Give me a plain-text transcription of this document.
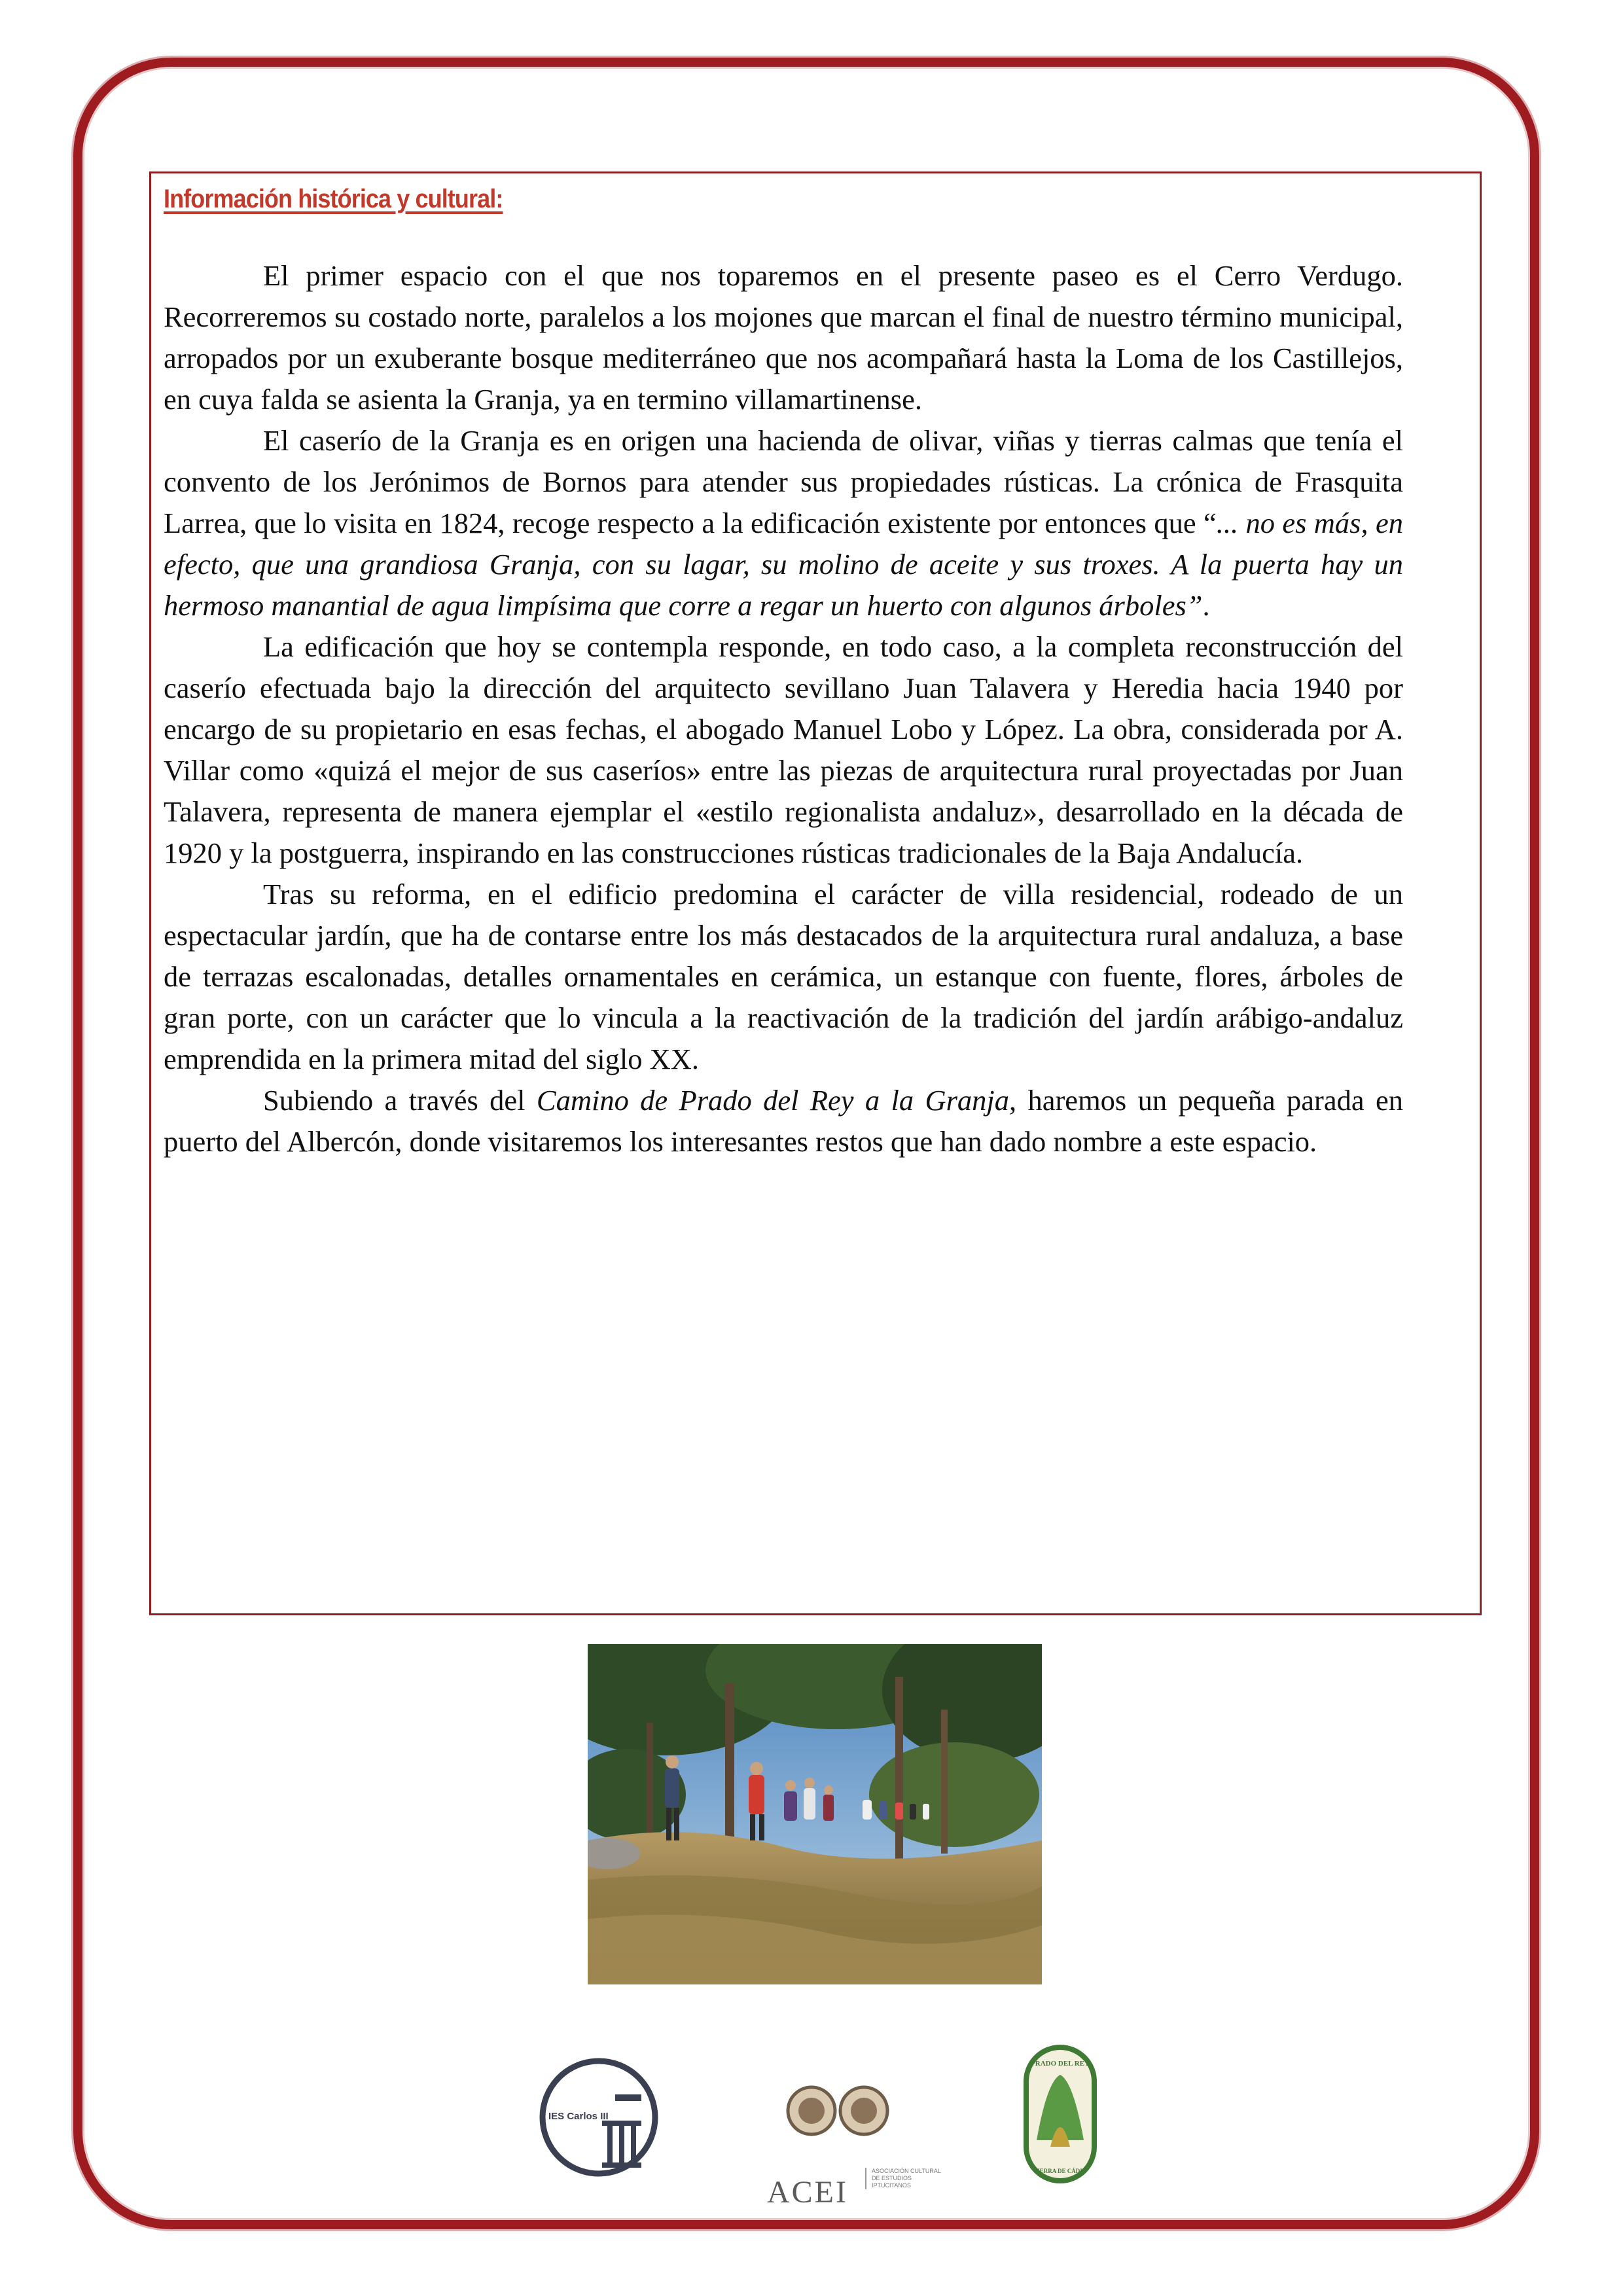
Información histórica y cultural:

El primer espacio con el que nos toparemos en el presente paseo es el Cerro Verdugo. Recorreremos su costado norte, paralelos a los mojones que marcan el final de nuestro término municipal, arropados por un exuberante bosque mediterráneo que nos acompañará hasta la Loma de los Castillejos, en cuya falda se asienta la Granja, ya en termino villamartinense.

El caserío de la Granja es en origen una hacienda de olivar, viñas y tierras calmas que tenía el convento de los Jerónimos de Bornos para atender sus propiedades rústicas. La crónica de Frasquita Larrea, que lo visita en 1824, recoge respecto a la edificación existente por entonces que “... no es más, en efecto, que una grandiosa Granja, con su lagar, su molino de aceite y sus troxes. A la puerta hay un hermoso manantial de agua limpísima que corre a regar un huerto con algunos árboles”.

La edificación que hoy se contempla responde, en todo caso, a la completa reconstrucción del caserío efectuada bajo la dirección del arquitecto sevillano Juan Talavera y Heredia hacia 1940 por encargo de su propietario en esas fechas, el abogado Manuel Lobo y López. La obra, considerada por A. Villar como «quizá el mejor de sus caseríos» entre las piezas de arquitectura rural proyectadas por Juan Talavera, representa de manera ejemplar el «estilo regionalista andaluz», desarrollado en la década de 1920 y la postguerra, inspirando en las construcciones rústicas tradicionales de la Baja Andalucía.

Tras su reforma, en el edificio predomina el carácter de villa residencial, rodeado de un espectacular jardín, que ha de contarse entre los más destacados de la arquitectura rural andaluza, a base de terrazas escalonadas, detalles ornamentales en cerámica, un estanque con fuente, flores, árboles de gran porte, con un carácter que lo vincula a la reactivación de la tradición del jardín arábigo-andaluz emprendida en la primera mitad del siglo XX.

Subiendo a través del Camino de Prado del Rey a la Granja, haremos un pequeña parada en puerto del Albercón, donde visitaremos los interesantes restos que han dado nombre a este espacio.

IES Carlos III
PRADO DEL REY
SIERRA DE CÁDIZ
ACEI
ASOCIACIÓN CULTURAL DE ESTUDIOS IPTUCITANOS
